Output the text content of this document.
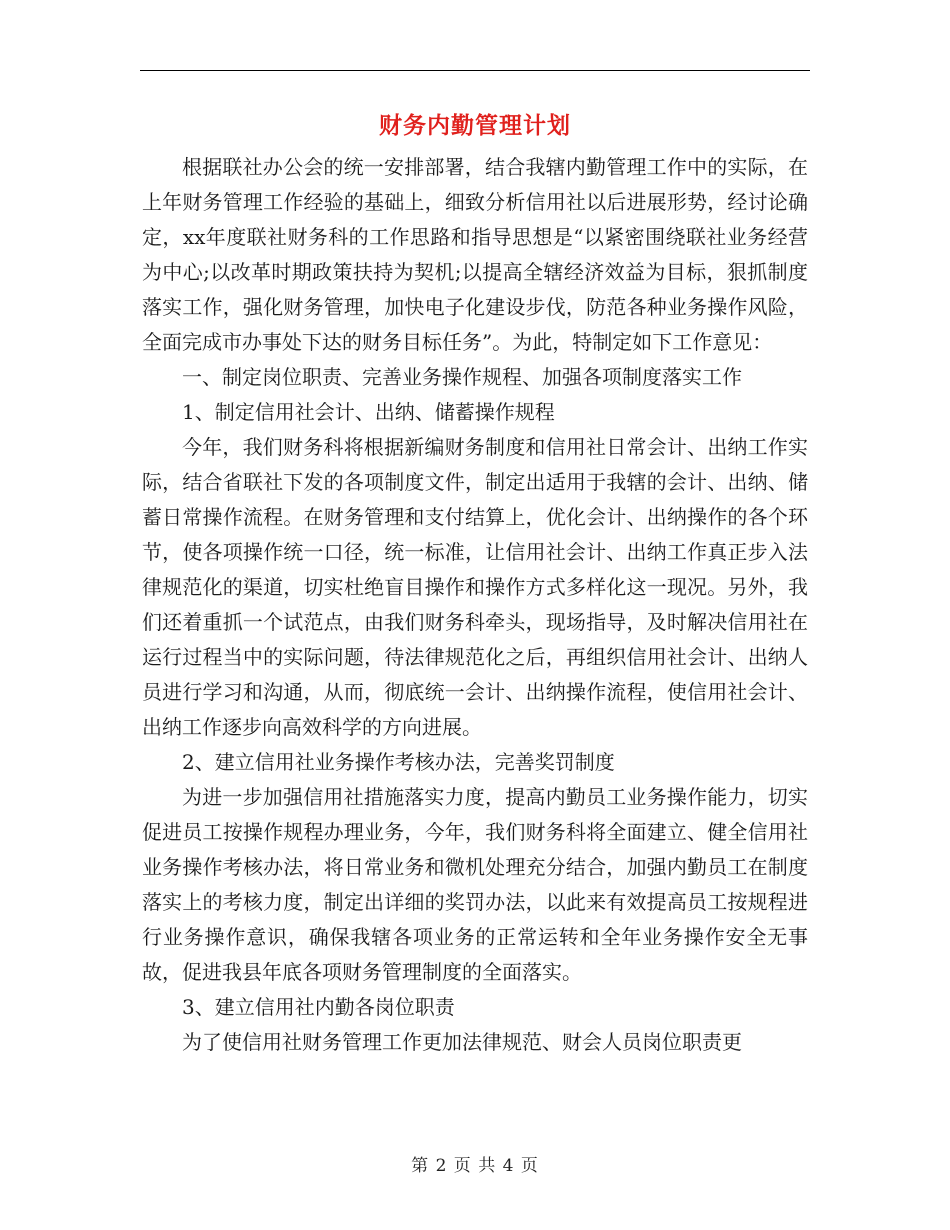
财务内勤管理计划

根据联社办公会的统一安排部署，结合我辖内勤管理工作中的实际，在上年财务管理工作经验的基础上，细致分析信用社以后进展形势，经讨论确定，xx年度联社财务科的工作思路和指导思想是“以紧密围绕联社业务经营为中心;以改革时期政策扶持为契机;以提高全辖经济效益为目标，狠抓制度落实工作，强化财务管理，加快电子化建设步伐，防范各种业务操作风险，全面完成市办事处下达的财务目标任务”。为此，特制定如下工作意见：

一、制定岗位职责、完善业务操作规程、加强各项制度落实工作

1、制定信用社会计、出纳、储蓄操作规程

今年，我们财务科将根据新编财务制度和信用社日常会计、出纳工作实际，结合省联社下发的各项制度文件，制定出适用于我辖的会计、出纳、储蓄日常操作流程。在财务管理和支付结算上，优化会计、出纳操作的各个环节，使各项操作统一口径，统一标准，让信用社会计、出纳工作真正步入法律规范化的渠道，切实杜绝盲目操作和操作方式多样化这一现况。另外，我们还着重抓一个试范点，由我们财务科牵头，现场指导，及时解决信用社在运行过程当中的实际问题，待法律规范化之后，再组织信用社会计、出纳人员进行学习和沟通，从而，彻底统一会计、出纳操作流程，使信用社会计、出纳工作逐步向高效科学的方向进展。

2、建立信用社业务操作考核办法，完善奖罚制度

为进一步加强信用社措施落实力度，提高内勤员工业务操作能力，切实促进员工按操作规程办理业务，今年，我们财务科将全面建立、健全信用社业务操作考核办法，将日常业务和微机处理充分结合，加强内勤员工在制度落实上的考核力度，制定出详细的奖罚办法，以此来有效提高员工按规程进行业务操作意识，确保我辖各项业务的正常运转和全年业务操作安全无事故，促进我县年底各项财务管理制度的全面落实。

3、建立信用社内勤各岗位职责

为了使信用社财务管理工作更加法律规范、财会人员岗位职责更

第 2 页 共 4 页
